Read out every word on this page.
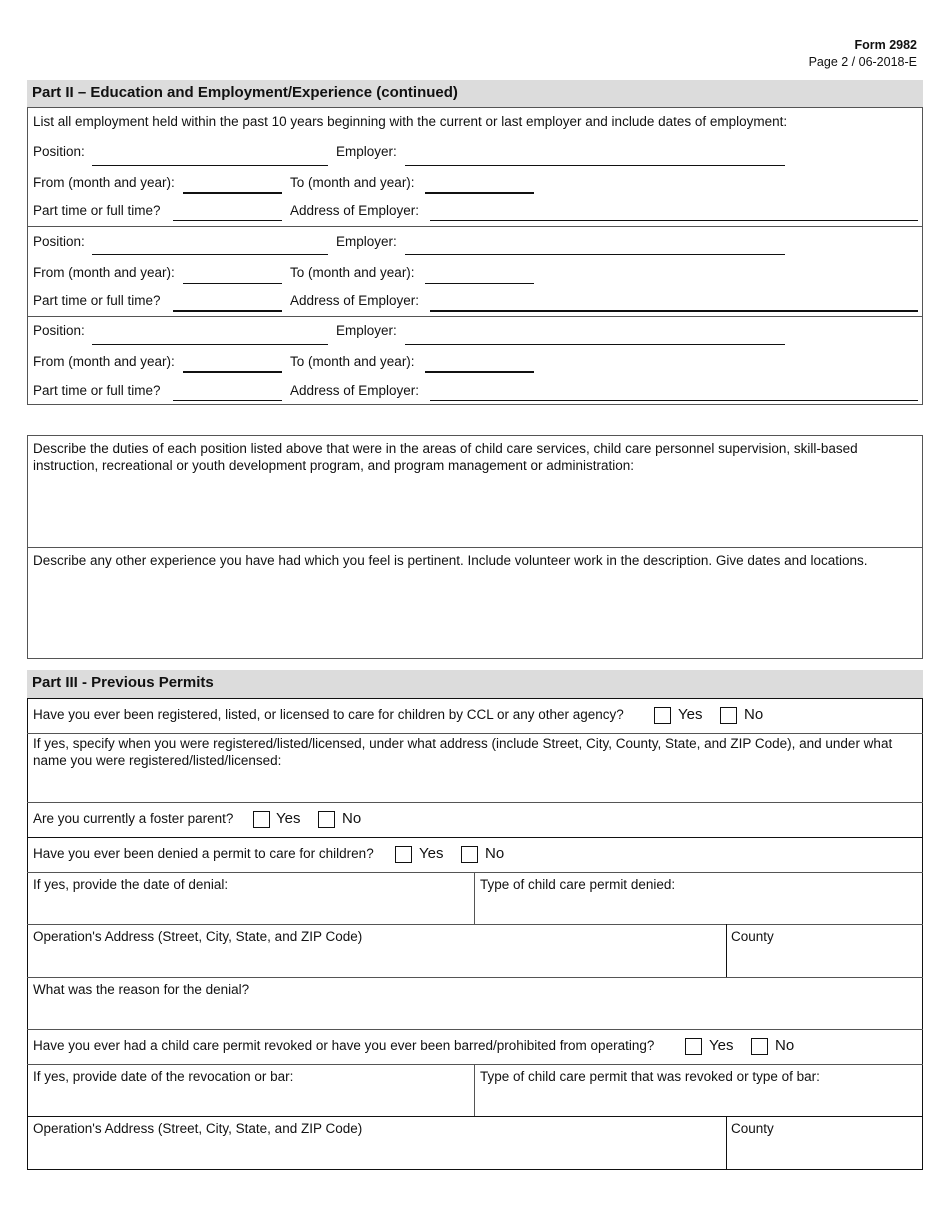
Form 2982
Page 2 / 06-2018-E
Part II – Education and Employment/Experience (continued)
List all employment held within the past 10 years beginning with the current or last employer and include dates of employment:
Position:	Employer:
From (month and year):	To (month and year):
Part time or full time?	Address of Employer:
Position:	Employer:
From (month and year):	To (month and year):
Part time or full time?	Address of Employer:
Position:	Employer:
From (month and year):	To (month and year):
Part time or full time?	Address of Employer:
Describe the duties of each position listed above that were in the areas of child care services, child care personnel supervision, skill-based instruction, recreational or youth development program, and program management or administration:
Describe any other experience you have had which you feel is pertinent. Include volunteer work in the description. Give dates and locations.
Part III - Previous Permits
Have you ever been registered, listed, or licensed to care for children by CCL or any other agency?	Yes	No
If yes, specify when you were registered/listed/licensed, under what address (include Street, City, County, State, and ZIP Code), and under what name you were registered/listed/licensed:
Are you currently a foster parent?	Yes	No
Have you ever been denied a permit to care for children?	Yes	No
If yes, provide the date of denial:	Type of child care permit denied:
Operation's Address (Street, City, State, and ZIP Code)	County
What was the reason for the denial?
Have you ever had a child care permit revoked or have you ever been barred/prohibited from operating?	Yes	No
If yes, provide date of the revocation or bar:	Type of child care permit that was revoked or type of bar:
Operation's Address (Street, City, State, and ZIP Code)	County
